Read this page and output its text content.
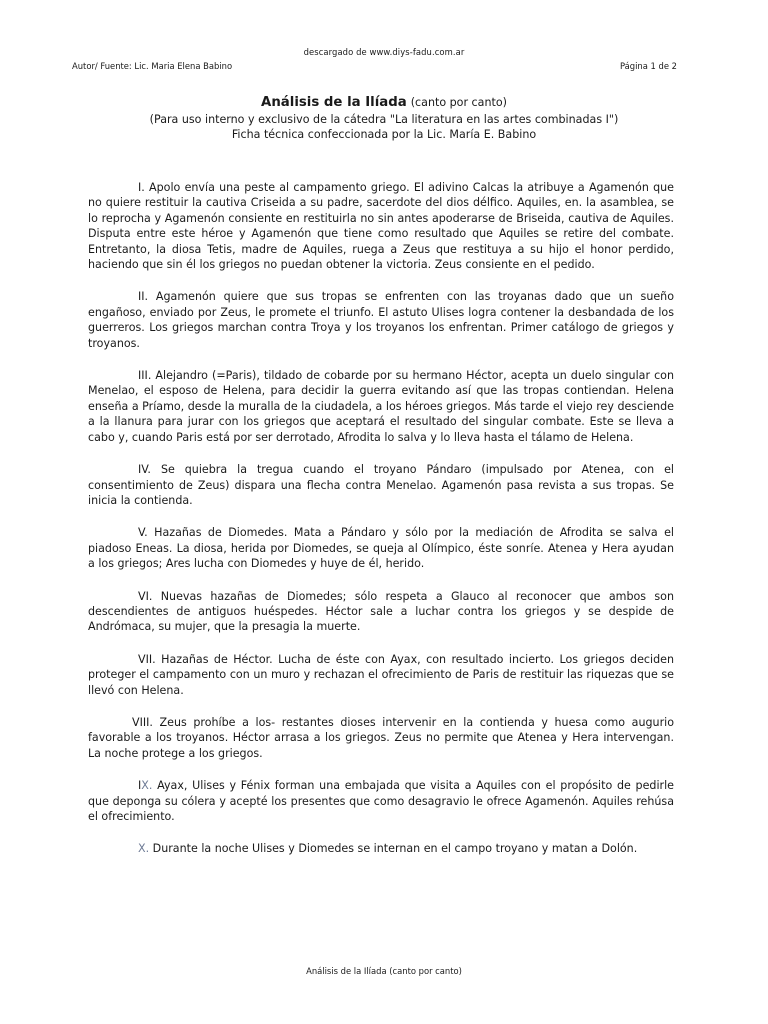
descargado de www.diys-fadu.com.ar
Autor/ Fuente: Lic. Maria Elena Babino	Página 1 de 2
Análisis de la Ilíada (canto por canto)
(Para uso interno y exclusivo de la cátedra "La literatura en las artes combinadas I")
Ficha técnica confeccionada por la Lic. María E. Babino

I. Apolo envía una peste al campamento griego. El adivino Calcas la atribuye a Agamenón que no quiere restituir la cautiva Criseida a su padre, sacerdote del dios délfico. Aquiles, en. la asamblea, se lo reprocha y Agamenón consiente en restituirla no sin antes apoderarse de Briseida, cautiva de Aquiles. Disputa entre este héroe y Agamenón que tiene como resultado que Aquiles se retire del combate. Entretanto, la diosa Tetis, madre de Aquiles, ruega a Zeus que restituya a su hijo el honor perdido, haciendo que sin él los griegos no puedan obtener la victoria. Zeus consiente en el pedido.

II. Agamenón quiere que sus tropas se enfrenten con las troyanas dado que un sueño engañoso, enviado por Zeus, le promete el triunfo. El astuto Ulises logra contener la desbandada de los guerreros. Los griegos marchan contra Troya y los troyanos los enfrentan. Primer catálogo de griegos y troyanos.

III. Alejandro (=Paris), tildado de cobarde por su hermano Héctor, acepta un duelo singular con Menelao, el esposo de Helena, para decidir la guerra evitando así que las tropas contiendan. Helena enseña a Príamo, desde la muralla de la ciudadela, a los héroes griegos. Más tarde el viejo rey desciende a la llanura para jurar con los griegos que aceptará el resultado del singular combate. Este se lleva a cabo y, cuando Paris está por ser derrotado, Afrodita lo salva y lo lleva hasta el tálamo de Helena.

IV. Se quiebra la tregua cuando el troyano Pándaro (impulsado por Atenea, con el consentimiento de Zeus) dispara una flecha contra Menelao. Agamenón pasa revista a sus tropas. Se inicia la contienda.

V. Hazañas de Diomedes. Mata a Pándaro y sólo por la mediación de Afrodita se salva el piadoso Eneas. La diosa, herida por Diomedes, se queja al Olímpico, éste sonríe. Atenea y Hera ayudan a los griegos; Ares lucha con Diomedes y huye de él, herido.

VI. Nuevas hazañas de Diomedes; sólo respeta a Glauco al reconocer que ambos son descendientes de antiguos huéspedes. Héctor sale a luchar contra los griegos y se despide de Andrómaca, su mujer, que la presagia la muerte.

VII. Hazañas de Héctor. Lucha de éste con Ayax, con resultado incierto. Los griegos deciden proteger el campamento con un muro y rechazan el ofrecimiento de Paris de restituir las riquezas que se llevó con Helena.

VIII. Zeus prohíbe a los- restantes dioses intervenir en la contienda y huesa como augurio favorable a los troyanos. Héctor arrasa a los griegos. Zeus no permite que Atenea y Hera intervengan. La noche protege a los griegos.

IX. Ayax, Ulises y Fénix forman una embajada que visita a Aquiles con el propósito de pedirle que deponga su cólera y acepté los presentes que como desagravio le ofrece Agamenón. Aquiles rehúsa el ofrecimiento.

X. Durante la noche Ulises y Diomedes se internan en el campo troyano y matan a Dolón.

Análisis de la Ilíada (canto por canto)
